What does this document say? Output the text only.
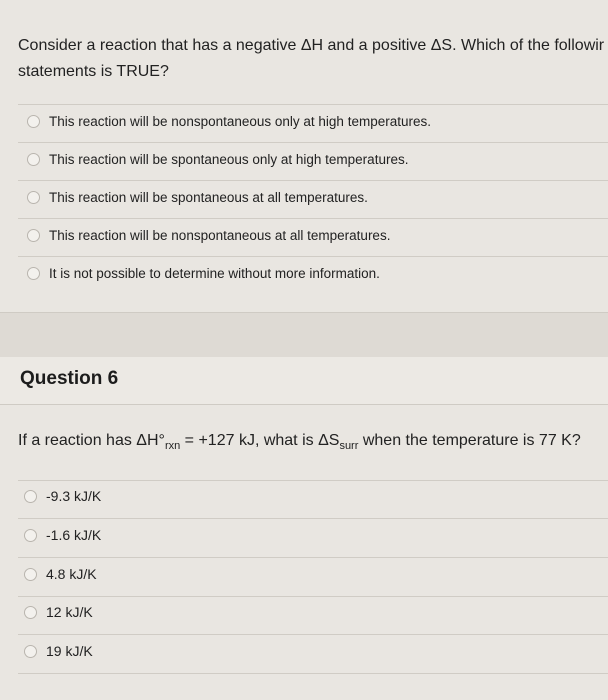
Consider a reaction that has a negative ΔH and a positive ΔS. Which of the followir
statements is TRUE?
This reaction will be nonspontaneous only at high temperatures.
This reaction will be spontaneous only at high temperatures.
This reaction will be spontaneous at all temperatures.
This reaction will be nonspontaneous at all temperatures.
It is not possible to determine without more information.
Question 6
If a reaction has $\Delta H^\circ_{rxn} = +127$ kJ, what is $\Delta S_{surr}$ when the temperature is 77 K?
-9.3 kJ/K
-1.6 kJ/K
4.8 kJ/K
12 kJ/K
19 kJ/K
